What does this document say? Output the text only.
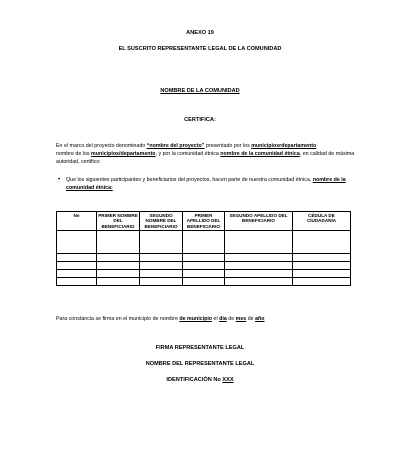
ANEXO 19
EL SUSCRITO REPRESENTANTE LEGAL DE LA COMUNIDAD
NOMBRE DE LA COMUNIDAD
CERTIFICA:
En el marco del proyecto denominado “nombre del proyecto” presentado por los municipiosrdepartamento
nombre de los municipios/departamento, y por la comunidad étnica nombre de la comunidad étnica, en calidad de máxima autoridad, certifico:
• Que los siguientes participantes y beneficiarios del proyectos, hacen parte de nuestra comunidad étnica, nombre de la comunidad étnica:
No	PRIMER NOMBRE DEL BENEFICIARIO	SEGUNDO NOMBRE DEL BENEFICIARIO	PRIMER APELLIDO DEL BENEFICIARIO	SEGUNDO APELLIDO DEL BENEFICIARIO	CÉDULA DE CIUDADANÍA

Para constancia se firma en el municipio de nombre de municipio el día de mes de año
FIRMA REPRESENTANTE LEGAL
NOMBRE DEL REPRESENTANTE LEGAL
IDENTIFICACIÓN No XXX
